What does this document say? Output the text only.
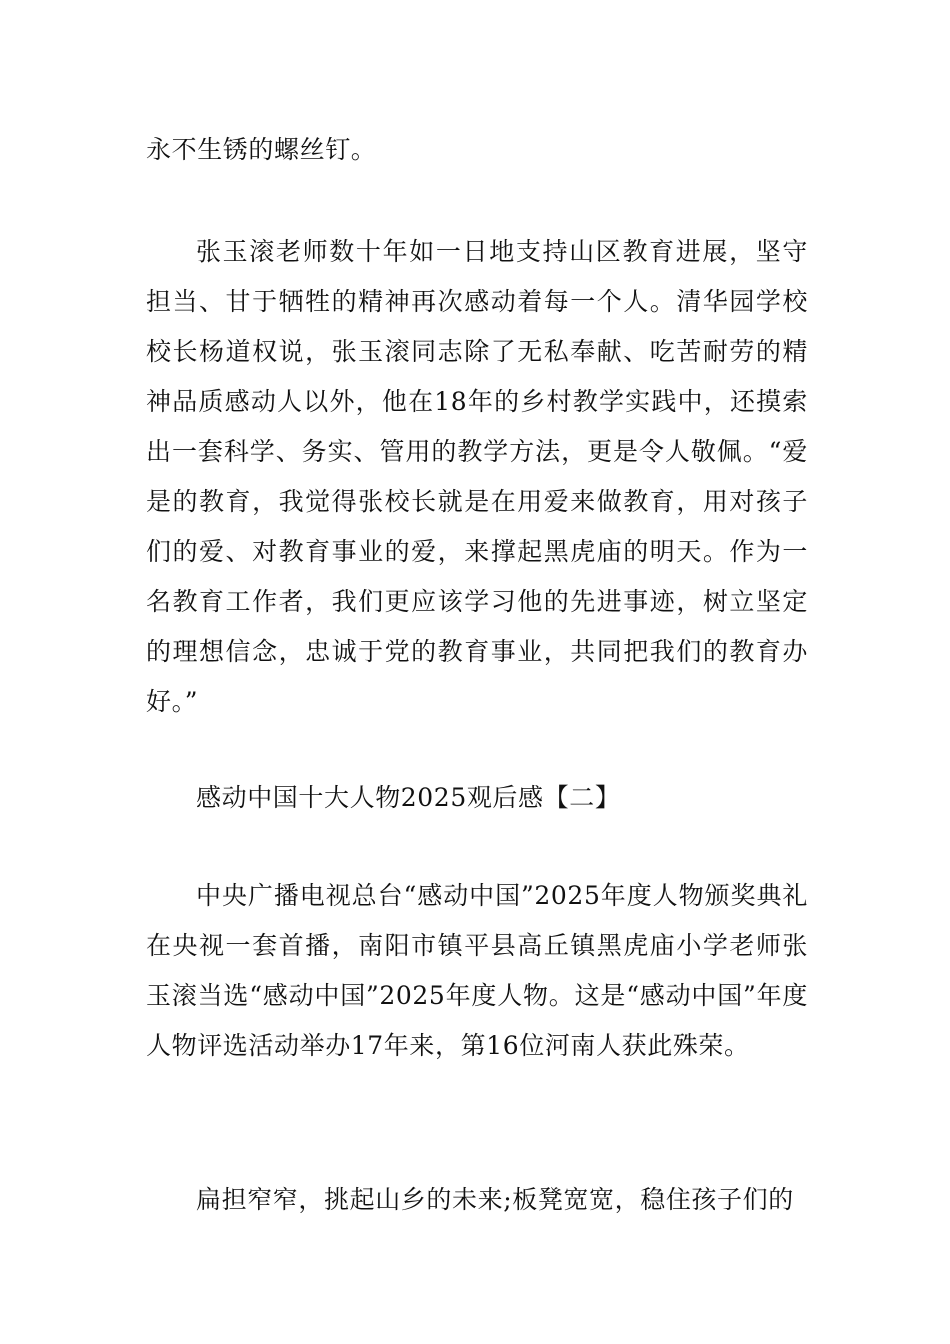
永不生锈的螺丝钉。

张玉滚老师数十年如一日地支持山区教育进展，坚守担当、甘于牺牲的精神再次感动着每一个人。清华园学校校长杨道权说，张玉滚同志除了无私奉献、吃苦耐劳的精神品质感动人以外，他在18年的乡村教学实践中，还摸索出一套科学、务实、管用的教学方法，更是令人敬佩。“爱是的教育，我觉得张校长就是在用爱来做教育，用对孩子们的爱、对教育事业的爱，来撑起黑虎庙的明天。作为一名教育工作者，我们更应该学习他的先进事迹，树立坚定的理想信念，忠诚于党的教育事业，共同把我们的教育办好。”

感动中国十大人物2025观后感【二】

中央广播电视总台“感动中国”2025年度人物颁奖典礼在央视一套首播，南阳市镇平县高丘镇黑虎庙小学老师张玉滚当选“感动中国”2025年度人物。这是“感动中国”年度人物评选活动举办17年来，第16位河南人获此殊荣。

扁担窄窄，挑起山乡的未来;板凳宽宽，稳住孩子们的
